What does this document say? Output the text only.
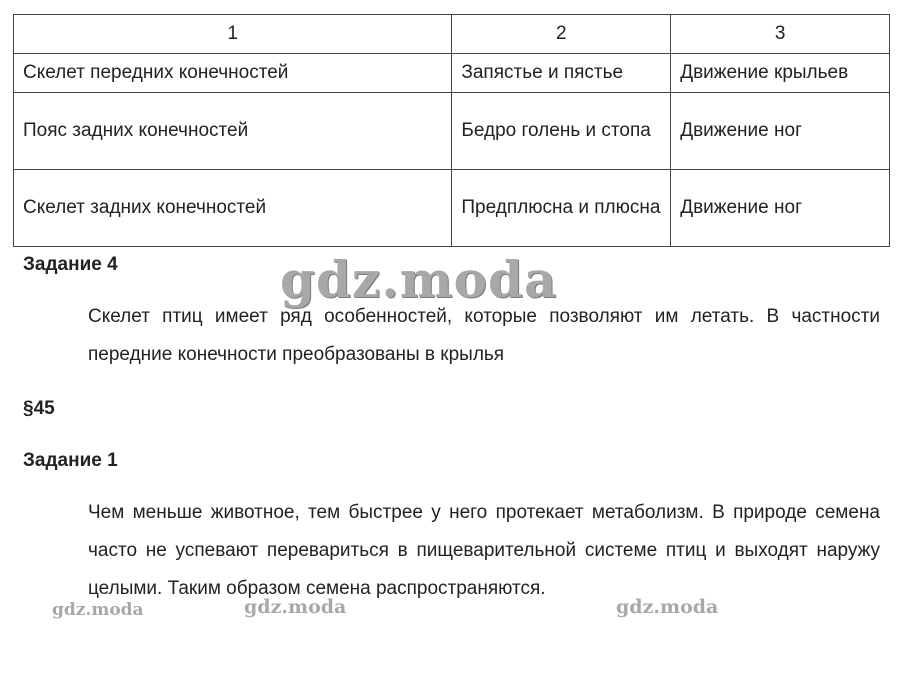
1	2	3
Скелет передних конечностей	Запястье и пястье	Движение крыльев
Пояс задних конечностей	Бедро голень и стопа	Движение ног
Скелет задних конечностей	Предплюсна и плюсна	Движение ног
Задание 4
Скелет птиц имеет ряд особенностей, которые позволяют им летать. В частности передние конечности преобразованы в крылья
§45
Задание 1
Чем меньше животное, тем быстрее у него протекает метаболизм. В природе семена часто не успевают перевариться в пищеварительной системе птиц и выходят наружу целыми. Таким образом семена распространяются.
gdz.moda
gdz.moda	gdz.moda	gdz.moda
